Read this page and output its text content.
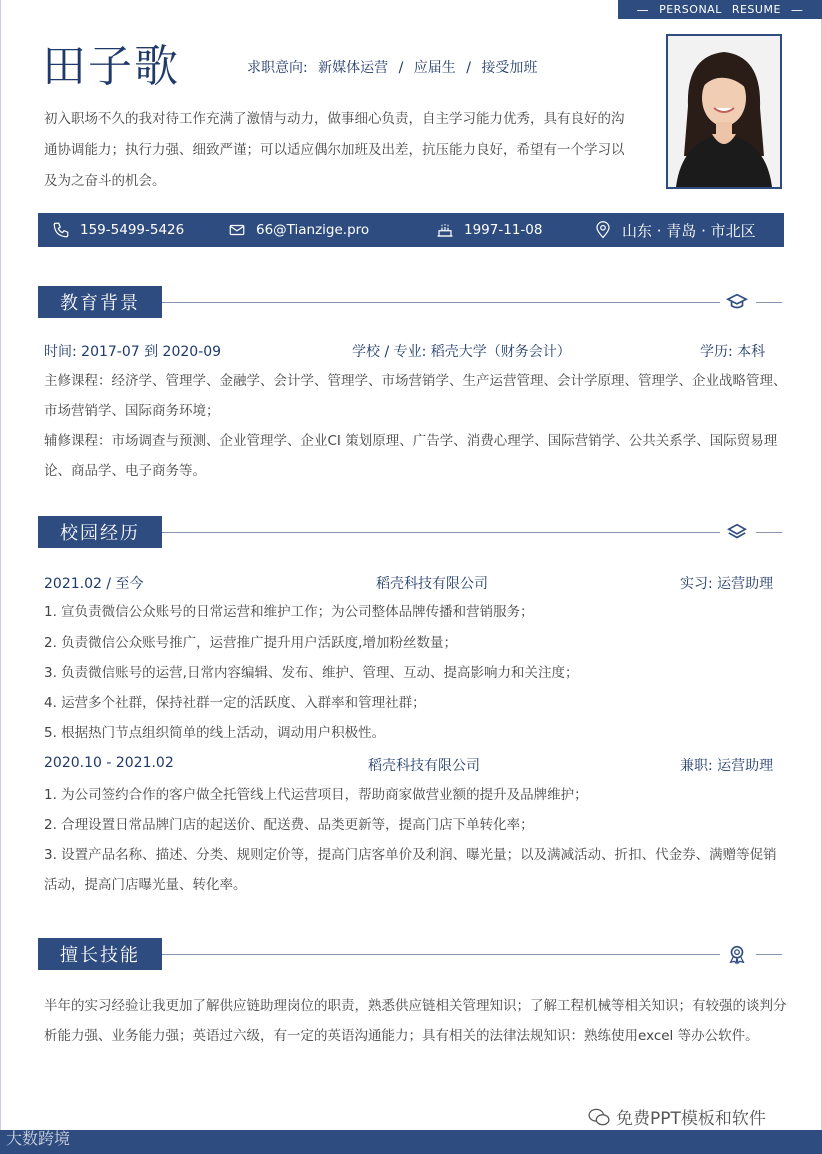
— PERSONAL RESUME —
田子歌	求职意向: 新媒体运营 / 应届生 / 接受加班
初入职场不久的我对待工作充满了激情与动力，做事细心负责，自主学习能力优秀，具有良好的沟通协调能力；执行力强、细致严谨；可以适应偶尔加班及出差，抗压能力良好，希望有一个学习以及为之奋斗的机会。
159-5499-5426	66@Tianzige.pro	1997-11-08	山东 · 青岛 · 市北区
教育背景
时间: 2017-07 到 2020-09	学校 / 专业: 稻壳大学（财务会计）	学历: 本科
主修课程：经济学、管理学、金融学、会计学、管理学、市场营销学、生产运营管理、会计学原理、管理学、企业战略管理、市场营销学、国际商务环境；
辅修课程：市场调查与预测、企业管理学、企业CI 策划原理、广告学、消费心理学、国际营销学、公共关系学、国际贸易理论、商品学、电子商务等。
校园经历
2021.02 / 至今	稻壳科技有限公司	实习: 运营助理
1. 宣负责微信公众账号的日常运营和维护工作；为公司整体品牌传播和营销服务；
2. 负责微信公众账号推广，运营推广提升用户活跃度,增加粉丝数量；
3. 负责微信账号的运营,日常内容编辑、发布、维护、管理、互动、提高影响力和关注度；
4. 运营多个社群，保持社群一定的活跃度、入群率和管理社群；
5. 根据热门节点组织简单的线上活动，调动用户积极性。
2020.10 - 2021.02	稻壳科技有限公司	兼职: 运营助理
1. 为公司签约合作的客户做全托管线上代运营项目，帮助商家做营业额的提升及品牌维护；
2. 合理设置日常品牌门店的起送价、配送费、品类更新等，提高门店下单转化率；
3. 设置产品名称、描述、分类、规则定价等，提高门店客单价及利润、曝光量；以及满减活动、折扣、代金券、满赠等促销活动，提高门店曝光量、转化率。
擅长技能
半年的实习经验让我更加了解供应链助理岗位的职责，熟悉供应链相关管理知识；了解工程机械等相关知识；有较强的谈判分析能力强、业务能力强；英语过六级，有一定的英语沟通能力；具有相关的法律法规知识：熟练使用excel 等办公软件。
免费PPT模板和软件
大数跨境
